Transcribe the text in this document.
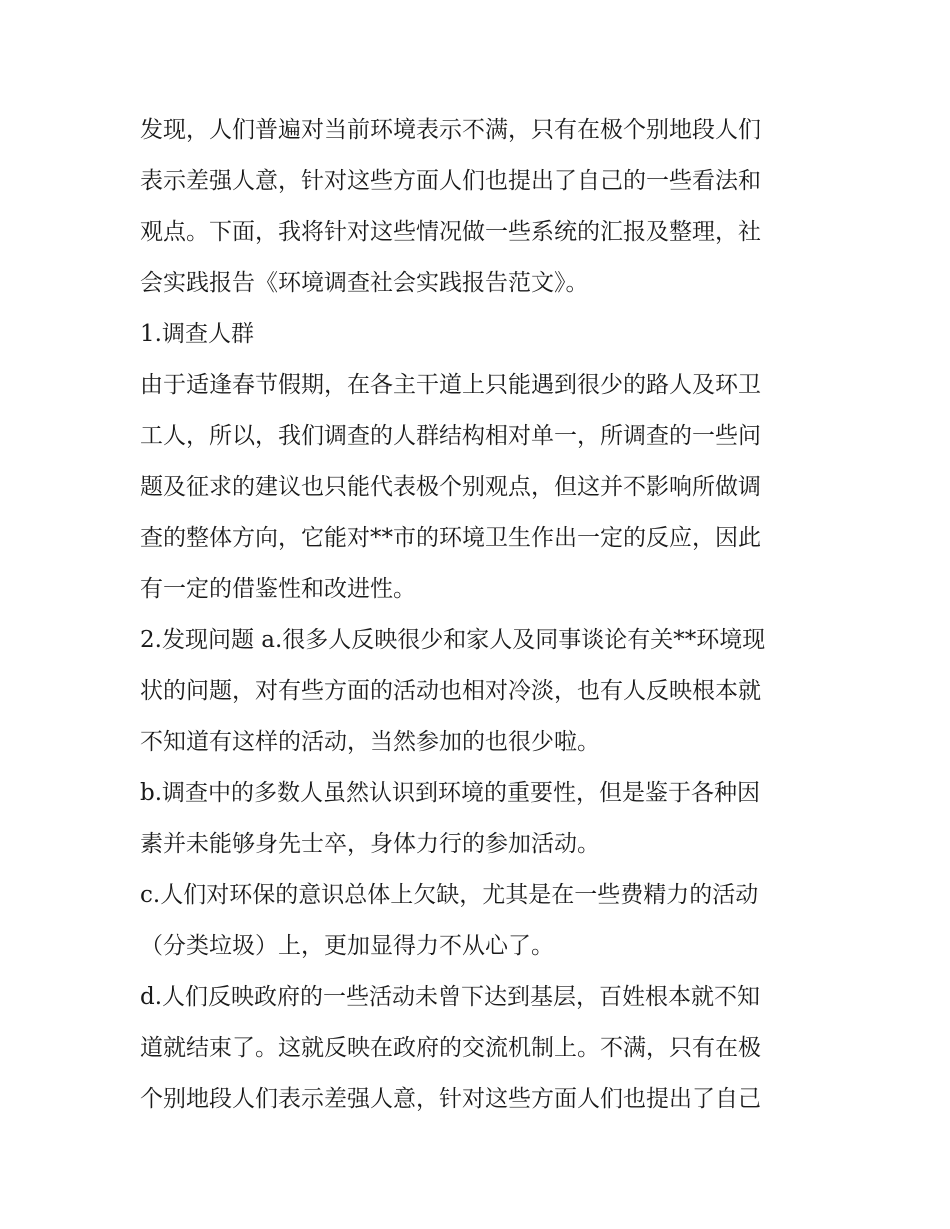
发现，人们普遍对当前环境表示不满，只有在极个别地段人们
表示差强人意，针对这些方面人们也提出了自己的一些看法和
观点。下面，我将针对这些情况做一些系统的汇报及整理，社
会实践报告《环境调查社会实践报告范文》。
1.调查人群
由于适逢春节假期，在各主干道上只能遇到很少的路人及环卫
工人，所以，我们调查的人群结构相对单一，所调查的一些问
题及征求的建议也只能代表极个别观点，但这并不影响所做调
查的整体方向，它能对**市的环境卫生作出一定的反应，因此
有一定的借鉴性和改进性。
2.发现问题 a.很多人反映很少和家人及同事谈论有关**环境现
状的问题，对有些方面的活动也相对冷淡，也有人反映根本就
不知道有这样的活动，当然参加的也很少啦。
b.调查中的多数人虽然认识到环境的重要性，但是鉴于各种因
素并未能够身先士卒，身体力行的参加活动。
c.人们对环保的意识总体上欠缺，尤其是在一些费精力的活动
（分类垃圾）上，更加显得力不从心了。
d.人们反映政府的一些活动未曾下达到基层，百姓根本就不知
道就结束了。这就反映在政府的交流机制上。不满，只有在极
个别地段人们表示差强人意，针对这些方面人们也提出了自己
